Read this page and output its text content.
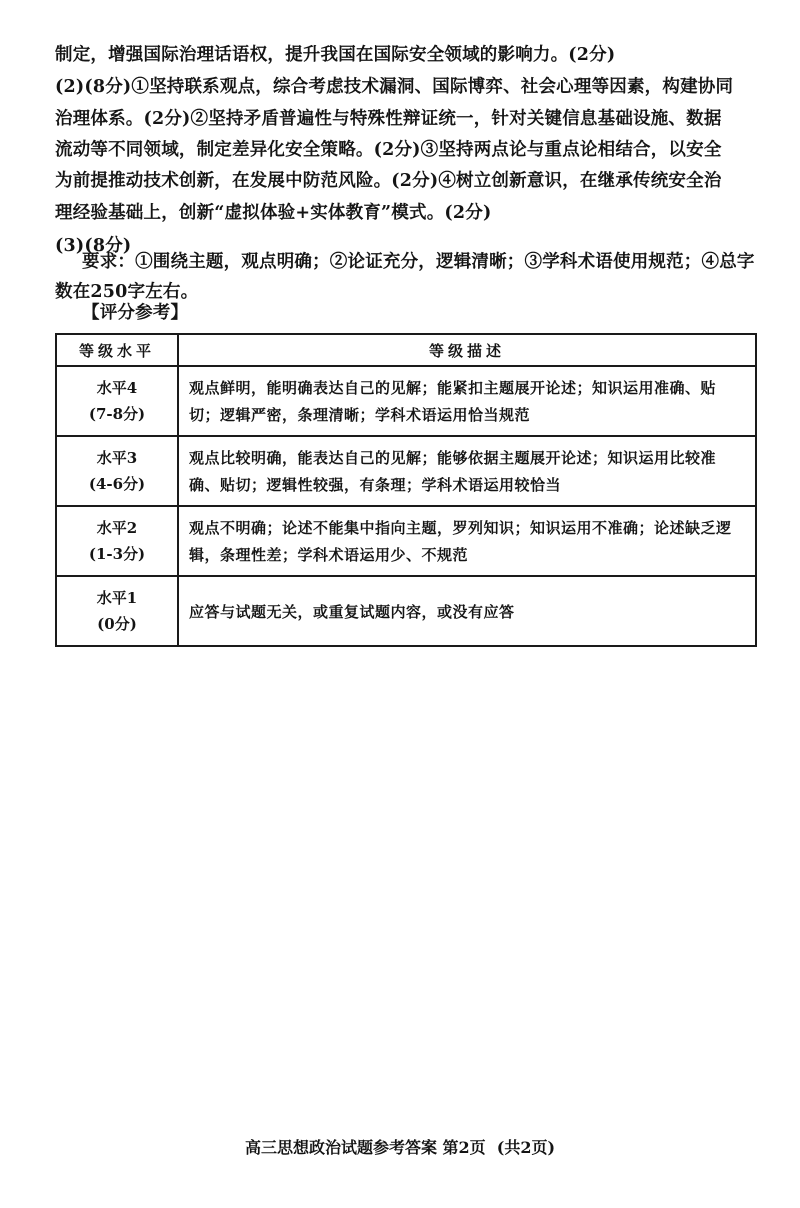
制定，增强国际治理话语权，提升我国在国际安全领域的影响力。(2分)
(2)(8分)①坚持联系观点，综合考虑技术漏洞、国际博弈、社会心理等因素，构建协同
治理体系。(2分)②坚持矛盾普遍性与特殊性辩证统一，针对关键信息基础设施、数据
流动等不同领域，制定差异化安全策略。(2分)③坚持两点论与重点论相结合，以安全
为前提推动技术创新，在发展中防范风险。(2分)④树立创新意识，在继承传统安全治
理经验基础上，创新“虚拟体验+实体教育”模式。(2分)
(3)(8分)
要求：①围绕主题，观点明确；②论证充分，逻辑清晰；③学科术语使用规范；④总字
数在250字左右。
【评分参考】
等级水平	等级描述

水平4
(7-8分)	观点鲜明，能明确表达自己的见解；能紧扣主题展开论述；知识运用准确、贴切；逻辑严密，条理清晰；学科术语运用恰当规范

水平3
(4-6分)	观点比较明确，能表达自己的见解；能够依据主题展开论述；知识运用比较准确、贴切；逻辑性较强，有条理；学科术语运用较恰当

水平2
(1-3分)	观点不明确；论述不能集中指向主题，罗列知识；知识运用不准确；论述缺乏逻辑，条理性差；学科术语运用少、不规范

水平1
(0分)	应答与试题无关，或重复试题内容，或没有应答
高三思想政治试题参考答案 第2页  (共2页)
